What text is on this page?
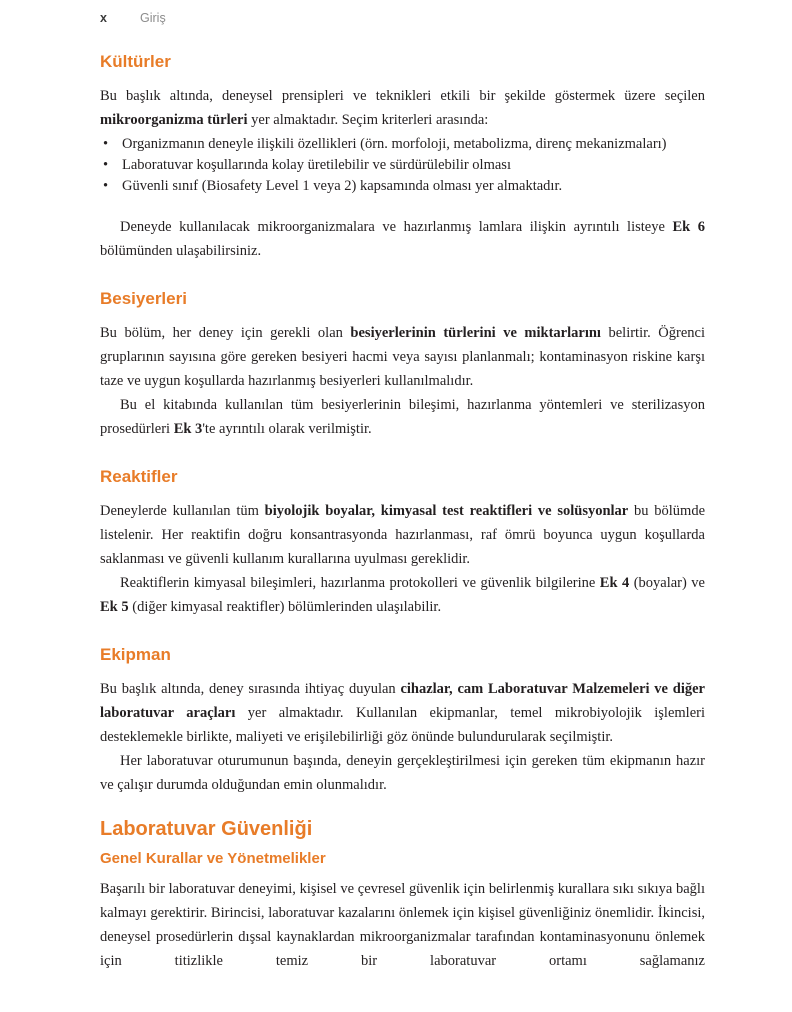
x	Giriş
Kültürler

Bu başlık altında, deneysel prensipleri ve teknikleri etkili bir şekilde göstermek üzere seçilen mikroorganizma türleri yer almaktadır. Seçim kriterleri arasında:

• Organizmanın deneyle ilişkili özellikleri (örn. morfoloji, metabolizma, direnç mekanizmaları)
• Laboratuvar koşullarında kolay üretilebilir ve sürdürülebilir olması
• Güvenli sınıf (Biosafety Level 1 veya 2) kapsamında olması yer almaktadır.

Deneyde kullanılacak mikroorganizmalara ve hazırlanmış lamlara ilişkin ayrıntılı listeye Ek 6 bölümünden ulaşabilirsiniz.

Besiyerleri

Bu bölüm, her deney için gerekli olan besiyerlerinin türlerini ve miktarlarını belirtir. Öğrenci gruplarının sayısına göre gereken besiyeri hacmi veya sayısı planlanmalı; kontaminasyon riskine karşı taze ve uygun koşullarda hazırlanmış besiyerleri kullanılmalıdır.

Bu el kitabında kullanılan tüm besiyerlerinin bileşimi, hazırlanma yöntemleri ve sterilizasyon prosedürleri Ek 3'te ayrıntılı olarak verilmiştir.

Reaktifler

Deneylerde kullanılan tüm biyolojik boyalar, kimyasal test reaktifleri ve solüsyonlar bu bölümde listelenir. Her reaktifin doğru konsantrasyonda hazırlanması, raf ömrü boyunca uygun koşullarda saklanması ve güvenli kullanım kurallarına uyulması gereklidir.

Reaktiflerin kimyasal bileşimleri, hazırlanma protokolleri ve güvenlik bilgilerine Ek 4 (boyalar) ve Ek 5 (diğer kimyasal reaktifler) bölümlerinden ulaşılabilir.

Ekipman

Bu başlık altında, deney sırasında ihtiyaç duyulan cihazlar, cam Laboratuvar Malzemeleri ve diğer laboratuvar araçları yer almaktadır. Kullanılan ekipmanlar, temel mikrobiyolojik işlemleri desteklemekle birlikte, maliyeti ve erişilebilirliği göz önünde bulundurularak seçilmiştir.

Her laboratuvar oturumunun başında, deneyin gerçekleştirilmesi için gereken tüm ekipmanın hazır ve çalışır durumda olduğundan emin olunmalıdır.

Laboratuvar Güvenliği
Genel Kurallar ve Yönetmelikler

Başarılı bir laboratuvar deneyimi, kişisel ve çevresel güvenlik için belirlenmiş kurallara sıkı sıkıya bağlı kalmayı gerektirir. Birincisi, laboratuvar kazalarını önlemek için kişisel güvenliğiniz önemlidir. İkincisi, deneysel prosedürlerin dışsal kaynaklardan mikroorganizmalar tarafından kontaminasyonunu önlemek için titizlikle temiz bir laboratuvar ortamı sağlamanız
